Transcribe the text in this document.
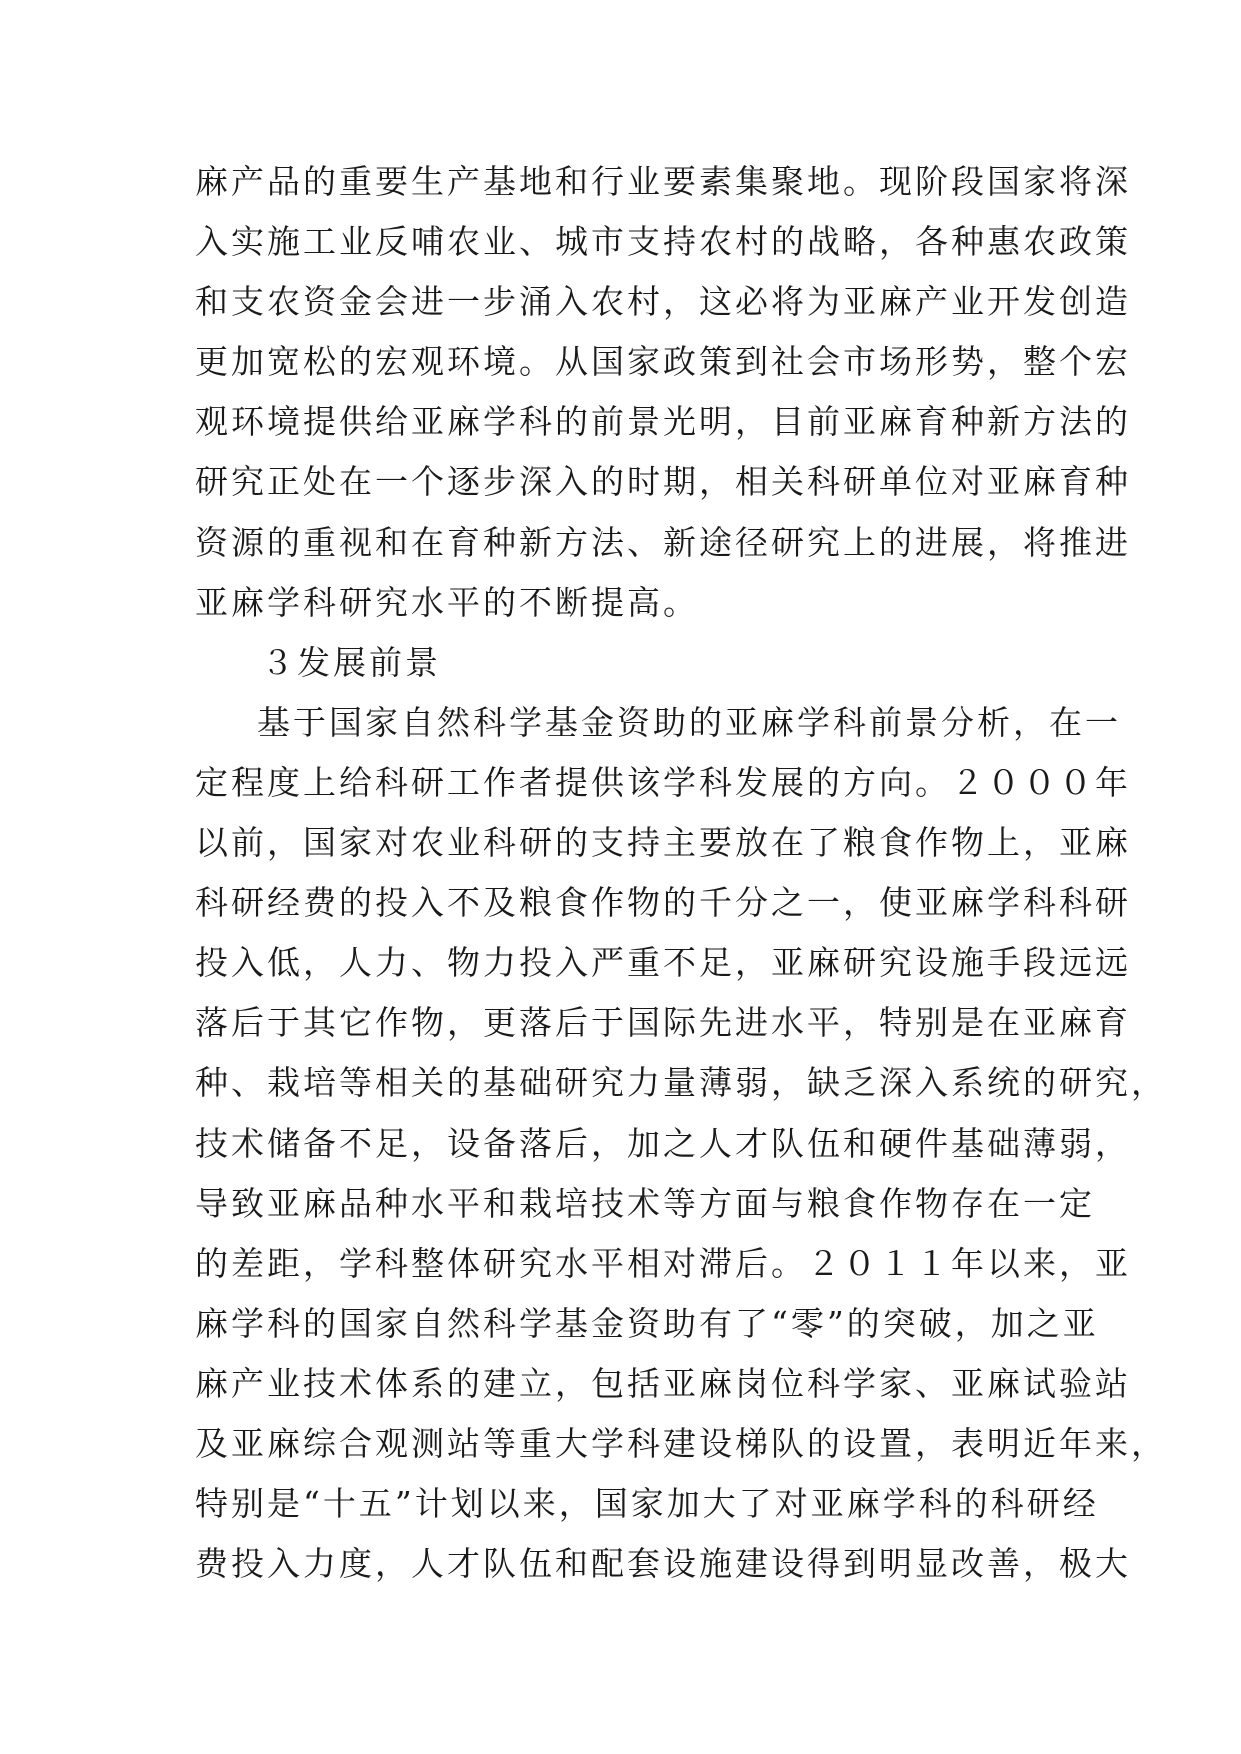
麻产品的重要生产基地和行业要素集聚地。现阶段国家将深
入实施工业反哺农业、城市支持农村的战略，各种惠农政策
和支农资金会进一步涌入农村，这必将为亚麻产业开发创造
更加宽松的宏观环境。从国家政策到社会市场形势，整个宏
观环境提供给亚麻学科的前景光明，目前亚麻育种新方法的
研究正处在一个逐步深入的时期，相关科研单位对亚麻育种
资源的重视和在育种新方法、新途径研究上的进展，将推进
亚麻学科研究水平的不断提高。
３发展前景
基于国家自然科学基金资助的亚麻学科前景分析，在一
定程度上给科研工作者提供该学科发展的方向。２０００年
以前，国家对农业科研的支持主要放在了粮食作物上，亚麻
科研经费的投入不及粮食作物的千分之一，使亚麻学科科研
投入低，人力、物力投入严重不足，亚麻研究设施手段远远
落后于其它作物，更落后于国际先进水平，特别是在亚麻育
种、栽培等相关的基础研究力量薄弱，缺乏深入系统的研究，
技术储备不足，设备落后，加之人才队伍和硬件基础薄弱，
导致亚麻品种水平和栽培技术等方面与粮食作物存在一定
的差距，学科整体研究水平相对滞后。２０１１年以来，亚
麻学科的国家自然科学基金资助有了“零”的突破，加之亚
麻产业技术体系的建立，包括亚麻岗位科学家、亚麻试验站
及亚麻综合观测站等重大学科建设梯队的设置，表明近年来，
特别是“十五”计划以来，国家加大了对亚麻学科的科研经
费投入力度，人才队伍和配套设施建设得到明显改善，极大
